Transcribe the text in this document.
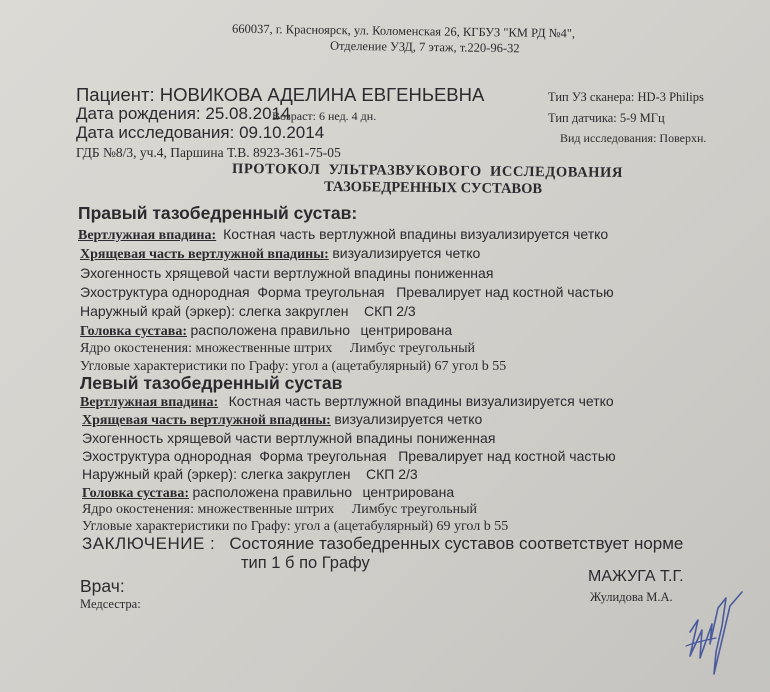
660037, г. Красноярск, ул. Коломенская 26, КГБУЗ "КМ РД №4",
Отделение УЗД, 7 этаж, т.220-96-32
Пациент: НОВИКОВА АДЕЛИНА ЕВГЕНЬЕВНА
Дата рождения: 25.08.2014
Возраст: 6 нед. 4 дн.
Дата исследования: 09.10.2014
ГДБ №8/3, уч.4, Паршина Т.В. 8923-361-75-05
Тип УЗ сканера: HD-3 Philips
Тип датчика: 5-9 МГц
Вид исследования: Поверхн.
ПРОТОКОЛ УЛЬТРАЗВУКОВОГО ИССЛЕДОВАНИЯ
ТАЗОБЕДРЕННЫХ СУСТАВОВ
Правый тазобедренный сустав:
Вертлужная впадина: Костная часть вертлужной впадины визуализируется четко
Хрящевая часть вертлужной впадины: визуализируется четко
Эхогенность хрящевой части вертлужной впадины пониженная
Эхоструктура однородная Форма треугольная Превалирует над костной частью
Наружный край (эркер): слегка закруглен СКП 2/3
Головка сустава: расположена правильно центрирована
Ядро окостенения: множественные штрих Лимбус треугольный
Угловые характеристики по Графу: угол а (ацетабулярный) 67 угол b 55
Левый тазобедренный сустав
Вертлужная впадина: Костная часть вертлужной впадины визуализируется четко
Хрящевая часть вертлужной впадины: визуализируется четко
Эхогенность хрящевой части вертлужной впадины пониженная
Эхоструктура однородная Форма треугольная Превалирует над костной частью
Наружный край (эркер): слегка закруглен СКП 2/3
Головка сустава: расположена правильно центрирована
Ядро окостенения: множественные штрих Лимбус треугольный
Угловые характеристики по Графу: угол а (ацетабулярный) 69 угол b 55
ЗАКЛЮЧЕНИЕ : Состояние тазобедренных суставов соответствует норме
тип 1 б по Графу
Врач:
Медсестра:
МАЖУГА Т.Г.
Жулидова М.А.
